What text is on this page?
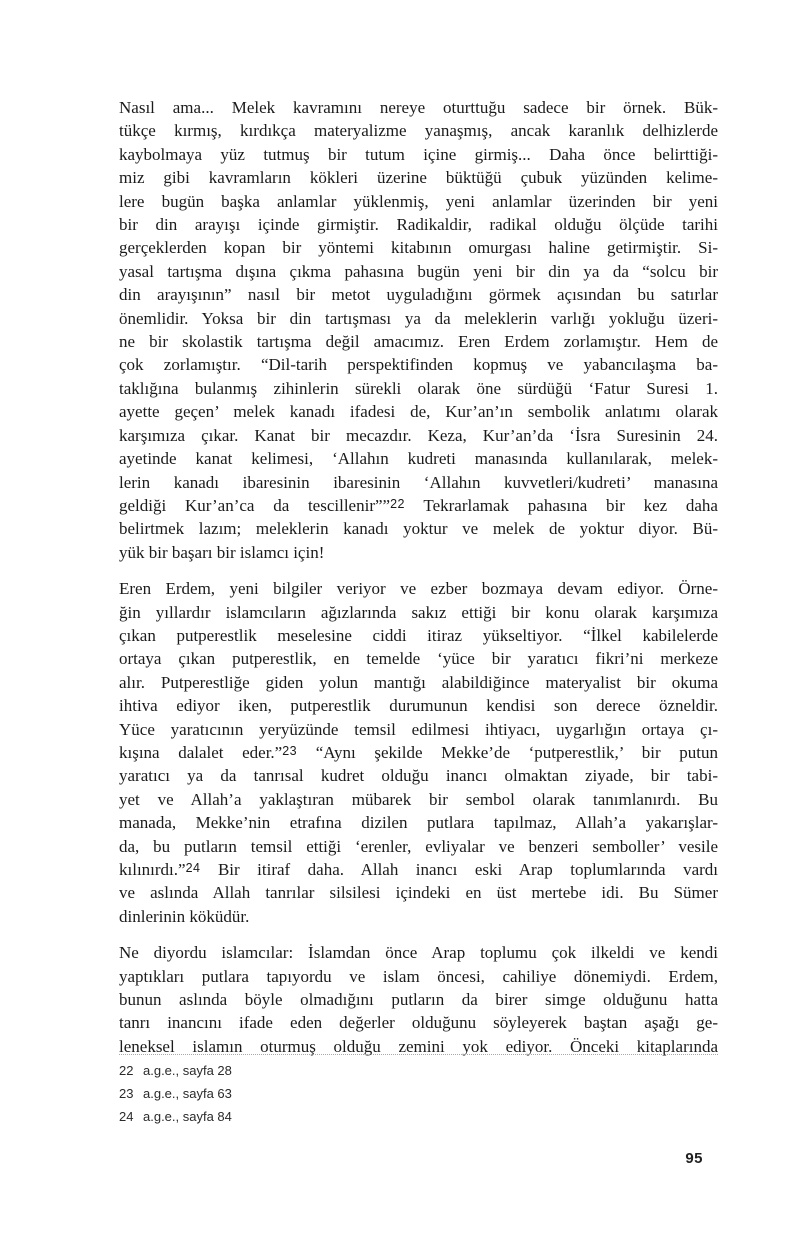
Nasıl ama... Melek kavramını nereye oturttuğu sadece bir örnek. Bük-
tükçe kırmış, kırdıkça materyalizme yanaşmış, ancak karanlık delhizlerde
kaybolmaya yüz tutmuş bir tutum içine girmiş... Daha önce belirttiği-
miz gibi kavramların kökleri üzerine büktüğü çubuk yüzünden kelime-
lere bugün başka anlamlar yüklenmiş, yeni anlamlar üzerinden bir yeni
bir din arayışı içinde girmiştir. Radikaldir, radikal olduğu ölçüde tarihi
gerçeklerden kopan bir yöntemi kitabının omurgası haline getirmiştir. Si-
yasal tartışma dışına çıkma pahasına bugün yeni bir din ya da “solcu bir
din arayışının” nasıl bir metot uyguladığını görmek açısından bu satırlar
önemlidir. Yoksa bir din tartışması ya da meleklerin varlığı yokluğu üzeri-
ne bir skolastik tartışma değil amacımız. Eren Erdem zorlamıştır. Hem de
çok zorlamıştır. “Dil-tarih perspektifinden kopmuş ve yabancılaşma ba-
taklığına bulanmış zihinlerin sürekli olarak öne sürdüğü ‘Fatur Suresi 1.
ayette geçen’ melek kanadı ifadesi de, Kur’an’ın sembolik anlatımı olarak
karşımıza çıkar. Kanat bir mecazdır. Keza, Kur’an’da ‘İsra Suresinin 24.
ayetinde kanat kelimesi, ‘Allahın kudreti manasında kullanılarak, melek-
lerin kanadı ibaresinin ibaresinin ‘Allahın kuvvetleri/kudreti’ manasına
geldiği Kur’an’ca da tescillenir””$^{22}$ Tekrarlamak pahasına bir kez daha
belirtmek lazım; meleklerin kanadı yoktur ve melek de yoktur diyor. Bü-
yük bir başarı bir islamcı için!
Eren Erdem, yeni bilgiler veriyor ve ezber bozmaya devam ediyor. Örne-
ğin yıllardır islamcıların ağızlarında sakız ettiği bir konu olarak karşımıza
çıkan putperestlik meselesine ciddi itiraz yükseltiyor. “İlkel kabilelerde
ortaya çıkan putperestlik, en temelde ‘yüce bir yaratıcı fikri’ni merkeze
alır. Putperestliğe giden yolun mantığı alabildiğince materyalist bir okuma
ihtiva ediyor iken, putperestlik durumunun kendisi son derece özneldir.
Yüce yaratıcının yeryüzünde temsil edilmesi ihtiyacı, uygarlığın ortaya çı-
kışına dalalet eder.”$^{23}$ “Aynı şekilde Mekke’de ‘putperestlik,’ bir putun
yaratıcı ya da tanrısal kudret olduğu inancı olmaktan ziyade, bir tabi-
yet ve Allah’a yaklaştıran mübarek bir sembol olarak tanımlanırdı. Bu
manada, Mekke’nin etrafına dizilen putlara tapılmaz, Allah’a yakarışlar-
da, bu putların temsil ettiği ‘erenler, evliyalar ve benzeri semboller’ vesile
kılınırdı.”$^{24}$ Bir itiraf daha. Allah inancı eski Arap toplumlarında vardı
ve aslında Allah tanrılar silsilesi içindeki en üst mertebe idi. Bu Sümer
dinlerinin köküdür.
Ne diyordu islamcılar: İslamdan önce Arap toplumu çok ilkeldi ve kendi
yaptıkları putlara tapıyordu ve islam öncesi, cahiliye dönemiydi. Erdem,
bunun aslında böyle olmadığını putların da birer simge olduğunu hatta
tanrı inancını ifade eden değerler olduğunu söyleyerek baştan aşağı ge-
leneksel islamın oturmuş olduğu zemini yok ediyor. Önceki kitaplarında
22 a.g.e., sayfa 28
23 a.g.e., sayfa 63
24 a.g.e., sayfa 84
95
